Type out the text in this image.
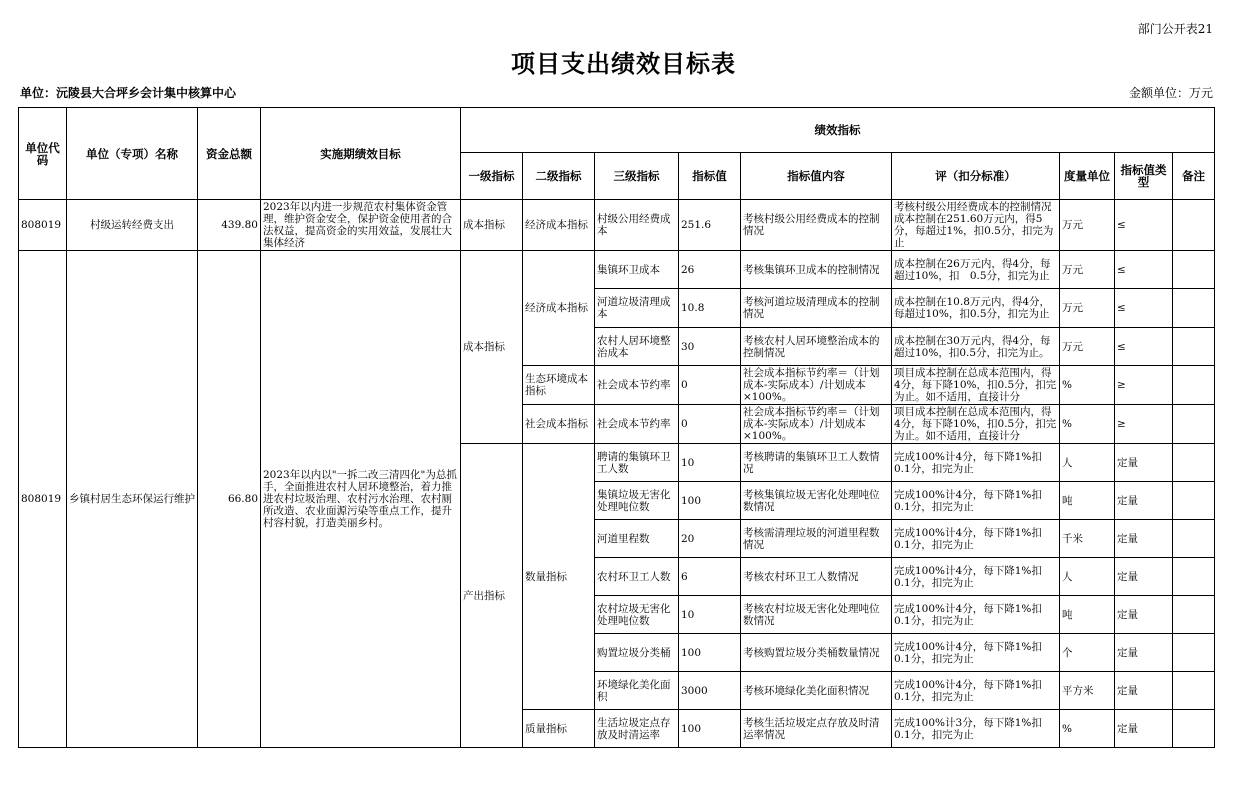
部门公开表21
项目支出绩效目标表
单位：沅陵县大合坪乡会计集中核算中心	金额单位：万元
单位代码	单位（专项）名称	资金总额	实施期绩效目标	绩效指标								
				一级指标	二级指标	三级指标	指标值	指标值内容	评（扣分标准）	度量单位	指标值类型	备注
808019	村级运转经费支出	439.80	2023年以内进一步规范农村集体资金管理，维护资金安全，保护资金使用者的合法权益，提高资金的实用效益，发展壮大集体经济	成本指标	经济成本指标	村级公用经费成本	251.6	考核村级公用经费成本的控制情况	考核村级公用经费成本的控制情况成本控制在251.60万元内，得5分，每超过1%，扣0.5分，扣完为止	万元	≤	
808019	乡镇村居生态环保运行维护	66.80	2023年以内以"一拆二改三清四化"为总抓手，全面推进农村人居环境整治，着力推进农村垃圾治理、农村污水治理、农村厕所改造、农业面源污染等重点工作，提升村容村貌，打造美丽乡村。	成本指标	经济成本指标	集镇环卫成本	26	考核集镇环卫成本的控制情况	成本控制在26万元内，得4分，每超过10%，扣　0.5分，扣完为止	万元	≤	
						河道垃圾清理成本	10.8	考核河道垃圾清理成本的控制情况	成本控制在10.8万元内，得4分，每超过10%，扣0.5分，扣完为止	万元	≤	
						农村人居环境整治成本	30	考核农村人居环境整治成本的控制情况	成本控制在30万元内，得4分，每超过10%，扣0.5分，扣完为止。	万元	≤	
					生态环境成本指标	社会成本节约率	0	社会成本指标节约率＝（计划成本-实际成本）/计划成本×100%。	项目成本控制在总成本范围内，得4分，每下降10%，扣0.5分，扣完为止。如不适用，直接计分	%	≥	
					社会成本指标	社会成本节约率	0	社会成本指标节约率＝（计划成本-实际成本）/计划成本×100%。	项目成本控制在总成本范围内，得4分，每下降10%，扣0.5分，扣完为止。如不适用，直接计分	%	≥	
				产出指标	数量指标	聘请的集镇环卫工人数	10	考核聘请的集镇环卫工人数情况	完成100%计4分，每下降1%扣0.1分，扣完为止	人	定量	
						集镇垃圾无害化处理吨位数	100	考核集镇垃圾无害化处理吨位数情况	完成100%计4分，每下降1%扣0.1分，扣完为止	吨	定量	
						河道里程数	20	考核需清理垃圾的河道里程数情况	完成100%计4分，每下降1%扣0.1分，扣完为止	千米	定量	
						农村环卫工人数	6	考核农村环卫工人数情况	完成100%计4分，每下降1%扣0.1分，扣完为止	人	定量	
						农村垃圾无害化处理吨位数	10	考核农村垃圾无害化处理吨位数情况	完成100%计4分，每下降1%扣0.1分，扣完为止	吨	定量	
						购置垃圾分类桶	100	考核购置垃圾分类桶数量情况	完成100%计4分，每下降1%扣0.1分，扣完为止	个	定量	
						环境绿化美化面积	3000	考核环境绿化美化面积情况	完成100%计4分，每下降1%扣0.1分，扣完为止	平方米	定量	
					质量指标	生活垃圾定点存放及时清运率	100	考核生活垃圾定点存放及时清运率情况	完成100%计3分，每下降1%扣0.1分，扣完为止	%	定量	
